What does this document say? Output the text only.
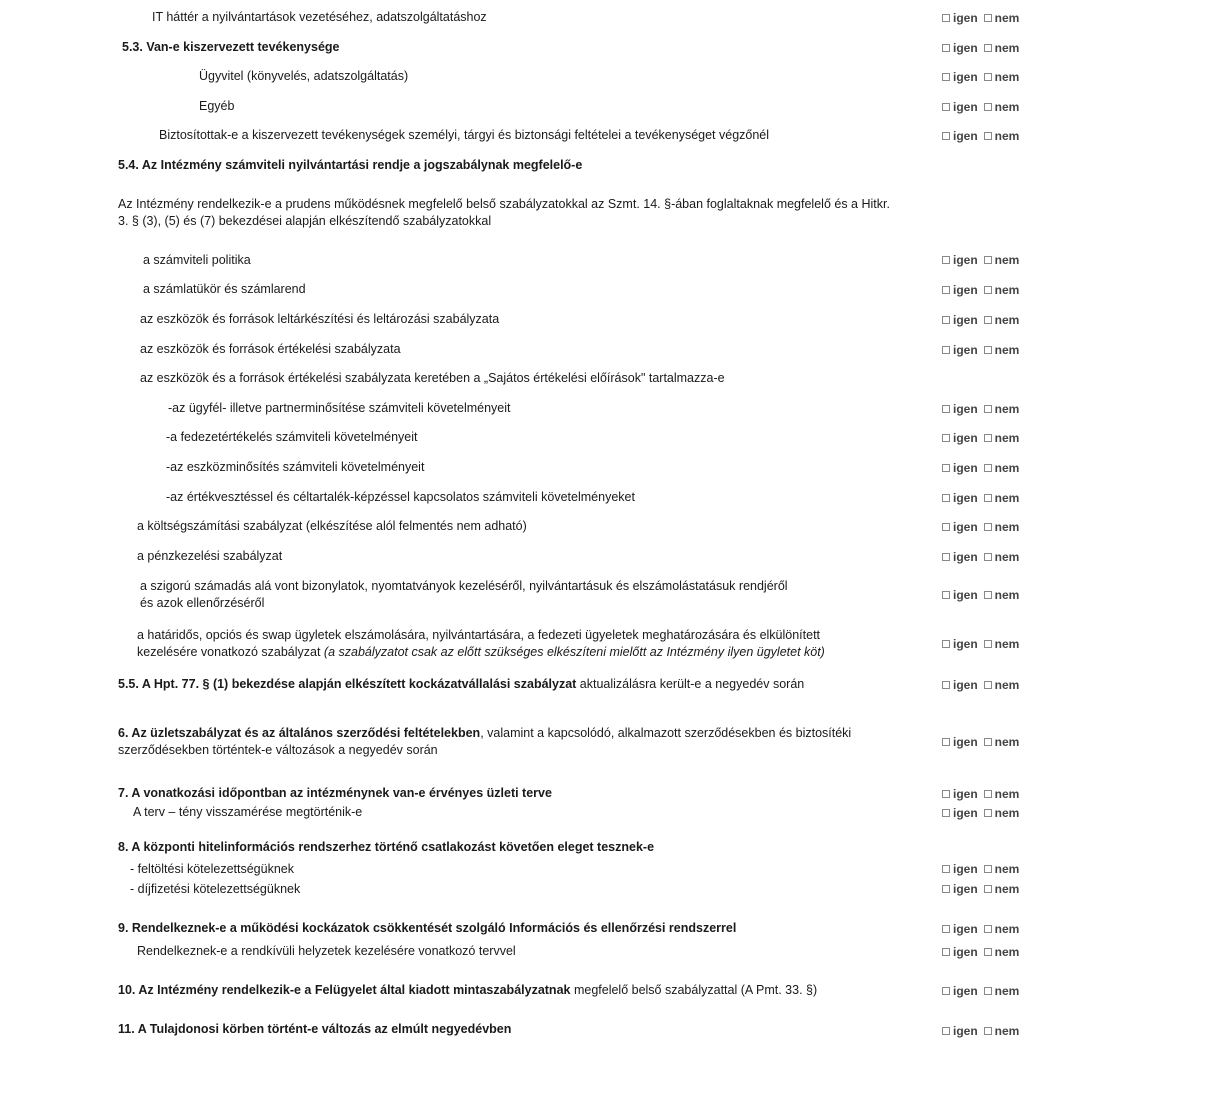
IT háttér a nyilvántartások vezetéséhez, adatszolgáltatáshoz
5.3. Van-e kiszervezett tevékenysége
Ügyvitel (könyvelés, adatszolgáltatás)
Egyéb
Biztosítottak-e a kiszervezett tevékenységek személyi, tárgyi és biztonsági feltételei a tevékenységet végzőnél
5.4. Az Intézmény számviteli nyilvántartási rendje a jogszabálynak megfelelő-e
Az Intézmény rendelkezik-e a prudens működésnek megfelelő belső szabályzatokkal az Szmt. 14. §-ában foglaltaknak megfelelő és a Hitkr.
3. § (3), (5) és (7) bekezdései alapján elkészítendő szabályzatokkal
a számviteli politika
a számlatükör és számlarend
az eszközök és források leltárkészítési és leltározási szabályzata
az eszközök és források értékelési szabályzata
az eszközök és a források értékelési szabályzata keretében a „Sajátos értékelési előírások" tartalmazza-e
-az ügyfél- illetve partnerminősítése számviteli követelményeit
-a fedezetértékelés számviteli követelményeit
-az eszközminősítés számviteli követelményeit
-az értékvesztéssel és céltartalék-képzéssel kapcsolatos számviteli követelményeket
a költségszámítási szabályzat (elkészítése alól felmentés nem adható)
a pénzkezelési szabályzat
a szigorú számadás alá vont bizonylatok, nyomtatványok kezeléséről, nyilvántartásuk és elszámolástatásuk rendjéről
és azok ellenőrzéséről
a határidős, opciós és swap ügyletek elszámolására, nyilvántartására, a fedezeti ügyeletek meghatározására és elkülönített
kezelésére vonatkozó szabályzat (a szabályzatot csak az előtt szükséges elkészíteni mielőtt az Intézmény ilyen ügyletet köt)
5.5. A Hpt. 77. § (1) bekezdése alapján elkészített kockázatvállalási szabályzat aktualizálásra került-e a negyedév során
6. Az üzletszabályzat és az általános szerződési feltételekben, valamint a kapcsolódó, alkalmazott szerződésekben és biztosítéki
szerződésekben történtek-e változások a negyedév során
7. A vonatkozási időpontban az intézménynek van-e érvényes üzleti terve
A terv – tény visszamérése megtörténik-e
8. A központi hitelinformációs rendszerhez történő csatlakozást követően eleget tesznek-e
- feltöltési kötelezettségüknek
- díjfizetési kötelezettségüknek
9. Rendelkeznek-e a működési kockázatok csökkentését szolgáló Információs és ellenőrzési rendszerrel
Rendelkeznek-e a rendkívüli helyzetek kezelésére vonatkozó tervvel
10. Az Intézmény rendelkezik-e a Felügyelet által kiadott mintaszabályzatnak megfelelő belső szabályzattal (A Pmt. 33. §)
11. A Tulajdonosi körben történt-e változás az elmúlt negyedévben
igen nem
igen nem
igen nem
igen nem
igen nem
igen nem
igen nem
igen nem
igen nem
igen nem
igen nem
igen nem
igen nem
igen nem
igen nem
igen nem
igen nem
igen nem
igen nem
igen nem
igen nem
igen nem
igen nem
igen nem
igen nem
igen nem
igen nem
